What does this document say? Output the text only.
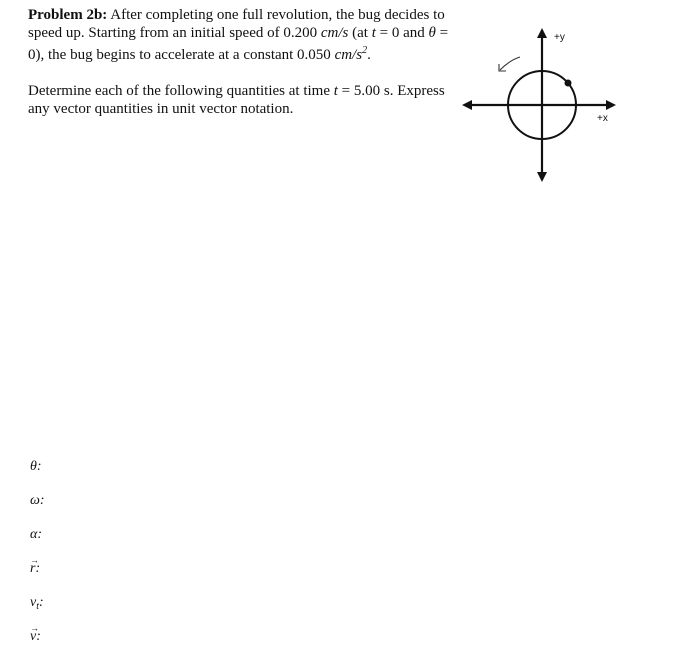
Problem 2b: After completing one full revolution, the bug decides to speed up. Starting from an initial speed of 0.200 cm/s (at t = 0 and θ = 0), the bug begins to accelerate at a constant 0.050 $cm/s^2$.

Determine each of the following quantities at time t = 5.00 s. Express any vector quantities in unit vector notation.

+y
+x
θ:
ω:
α:
→ r:
$v_t$:
→ v:
